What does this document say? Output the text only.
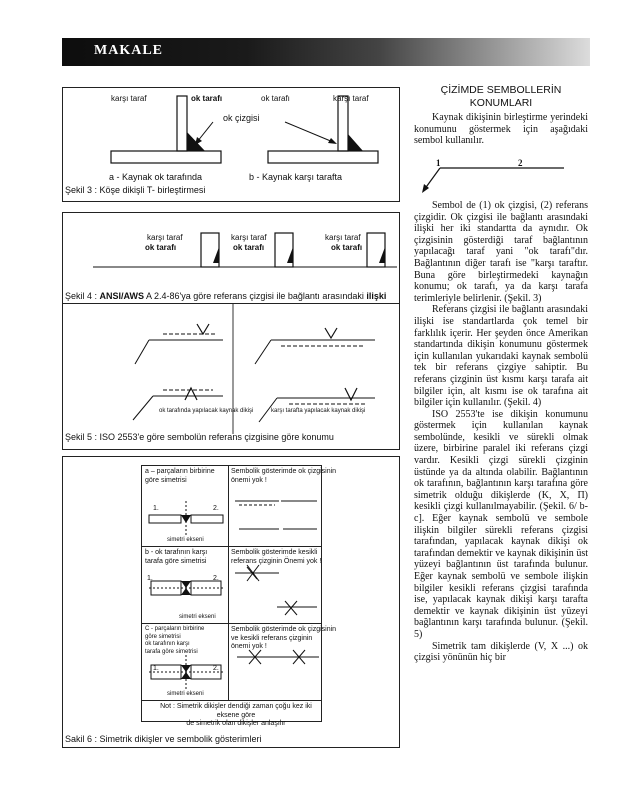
MAKALE
karşı taraf	ok tarafı	ok tarafı	karşı taraf
ok çizgisi
a - Kaynak ok tarafında	b - Kaynak karşı tarafta
Şekil 3 : Köşe dikişli T- birleştirmesi
karşı taraf
ok tarafı
karşı taraf
ok tarafı
karşı taraf
ok tarafı
Şekil 4 : ANSI/AWS A 2.4-86'ya göre referans çizgisi ile bağlantı arasındaki ilişki
ok tarafında yapılacak kaynak dikişi	karşı tarafta yapılacak kaynak dikişi
Şekil 5 : ISO 2553'e göre sembolün referans çizgisine göre konumu
a – parçaların birbirine
göre simetrisi
Sembolik gösterimde ok çizgisinin
önemi yok !
1.	2.
simetri ekseni
b - ok tarafının karşı
tarafa göre simetrisi
Sembolik gösterimde kesikli
referans çizginin Önemi yok !
1.	2.
simetri ekseni
C - parçaların birbirine
göre simetrisi
ok tarafının karşı
tarafa göre simetrisi
Sembolik gösterimde ok çizgisinin
ve kesikli referans çizginin
önemi yok !
1.	2.
simetri ekseni
Not : Simetrik dikişler dendiği zaman çoğu kez iki eksene göre
de simetrik olan dikişler anlaşılır
Sakil 6 : Simetrik dikişler ve sembolik gösterimleri
ÇİZİMDE SEMBOLLERİN
KONUMLARI

Kaynak dikişinin birleştirme yerindeki konumunu göstermek için aşağıdaki sembol kullanılır.

1	2

Sembol de (1) ok çizgisi, (2) referans çizgidir. Ok çizgisi ile bağlantı arasındaki ilişki her iki standartta da aynıdır. Ok çizgisinin gösterdiği taraf bağlantının yapılacağı taraf yani "ok tarafı"dır. Bağlantının diğer tarafı ise "karşı taraftır. Buna göre birleştirmedeki kaynağın konumu; ok tarafı, ya da karşı tarafa terimleriyle belirlenir. (Şekil. 3)

Referans çizgisi ile bağlantı arasındaki ilişki ise standartlarda çok temel bir farklılık içerir. Her şeyden önce Amerikan standartında dikişin konumunu göstermek için kullanılan yukarıdaki kaynak sembolü tek bir referans çizgiye sahiptir. Bu referans çizginin üst kısmı karşı tarafa ait bilgiler için, alt kısmı ise ok tarafına ait bilgiler için kullanılır. (Şekil. 4)

ISO 2553'te ise dikişin konumunu göstermek için kullanılan kaynak sembolünde, kesikli ve sürekli olmak üzere, birbirine paralel iki referans çizgi vardır. Kesikli çizgi sürekli çizginin üstünde ya da altında olabilir. Bağlantının ok tarafının, bağlantının karşı tarafına göre simetrik olduğu dikişlerde (K, X, Π) kesikli çizgi kullanılmayabilir. (Şekil. 6/ b-c]. Eğer kaynak sembolü ve sembole ilişkin bilgiler sürekli referans çizgisi tarafından, yapılacak kaynak dikişi ok tarafından demektir ve kaynak dikişinin üst yüzeyi bağlantının üst tarafında bulunur. Eğer kaynak sembolü ve sembole ilişkin bilgiler kesikli referans çizgisi tarafında ise, yapılacak kaynak dikişi karşı tarafta demektir ve kaynak dikişinin üst yüzeyi bağlantının karşı tarafında bulunur. (Şekil. 5)

Simetrik tam dikişlerde (V, X ...) ok çizgisi yönünün hiç bir
